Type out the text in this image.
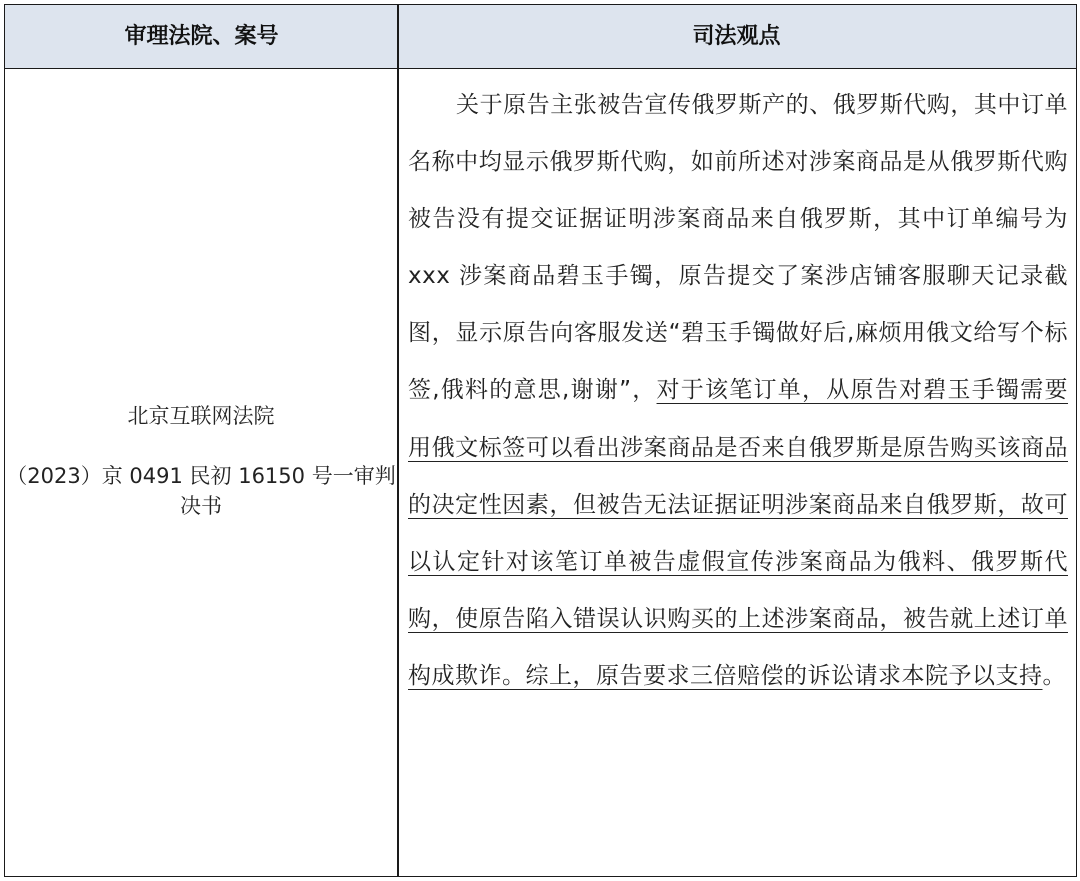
审理法院、案号	司法观点
北京互联网法院
（2023）京 0491 民初 16150 号一审判决书

关于原告主张被告宣传俄罗斯产的、俄罗斯代购，其中订单名称中均显示俄罗斯代购，如前所述对涉案商品是从俄罗斯代购被告没有提交证据证明涉案商品来自俄罗斯，其中订单编号为 xxx 涉案商品碧玉手镯，原告提交了案涉店铺客服聊天记录截图，显示原告向客服发送“碧玉手镯做好后,麻烦用俄文给写个标签,俄料的意思,谢谢”，对于该笔订单，从原告对碧玉手镯需要用俄文标签可以看出涉案商品是否来自俄罗斯是原告购买该商品的决定性因素，但被告无法证据证明涉案商品来自俄罗斯，故可以认定针对该笔订单被告虚假宣传涉案商品为俄料、俄罗斯代购，使原告陷入错误认识购买的上述涉案商品，被告就上述订单构成欺诈。综上，原告要求三倍赔偿的诉讼请求本院予以支持。
